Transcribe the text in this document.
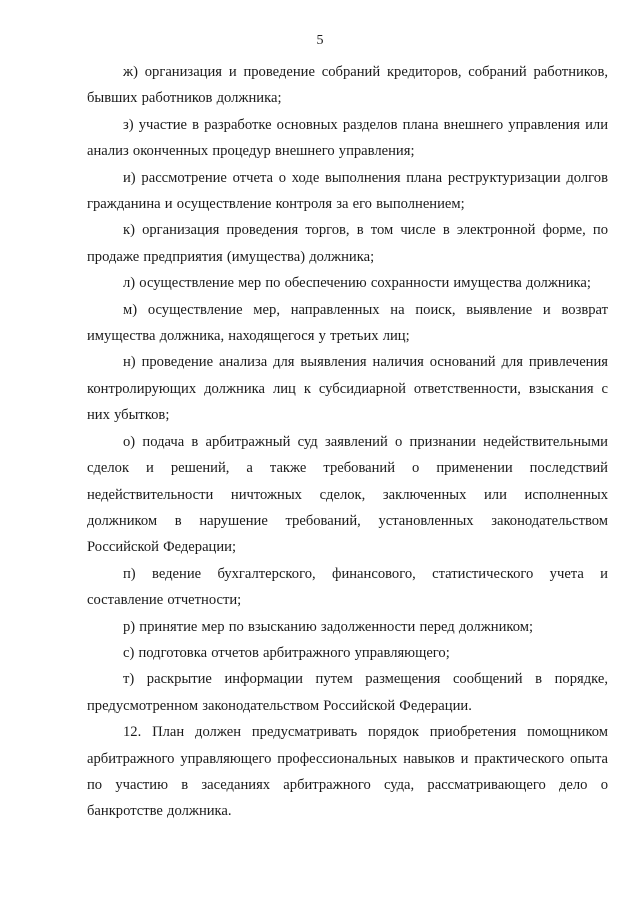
5

ж) организация и проведение собраний кредиторов, собраний работников, бывших работников должника;

з) участие в разработке основных разделов плана внешнего управления или анализ оконченных процедур внешнего управления;

и) рассмотрение отчета о ходе выполнения плана реструктуризации долгов гражданина и осуществление контроля за его выполнением;

к) организация проведения торгов, в том числе в электронной форме, по продаже предприятия (имущества) должника;

л) осуществление мер по обеспечению сохранности имущества должника;

м) осуществление мер, направленных на поиск, выявление и возврат имущества должника, находящегося у третьих лиц;

н) проведение анализа для выявления наличия оснований для привлечения контролирующих должника лиц к субсидиарной ответственности, взыскания с них убытков;

о) подача в арбитражный суд заявлений о признании недействительными сделок и решений, а также требований о применении последствий недействительности ничтожных сделок, заключенных или исполненных должником в нарушение требований, установленных законодательством Российской Федерации;

п) ведение бухгалтерского, финансового, статистического учета и составление отчетности;

р) принятие мер по взысканию задолженности перед должником;

с) подготовка отчетов арбитражного управляющего;

т) раскрытие информации путем размещения сообщений в порядке, предусмотренном законодательством Российской Федерации.

12. План должен предусматривать порядок приобретения помощником арбитражного управляющего профессиональных навыков и практического опыта по участию в заседаниях арбитражного суда, рассматривающего дело о банкротстве должника.
